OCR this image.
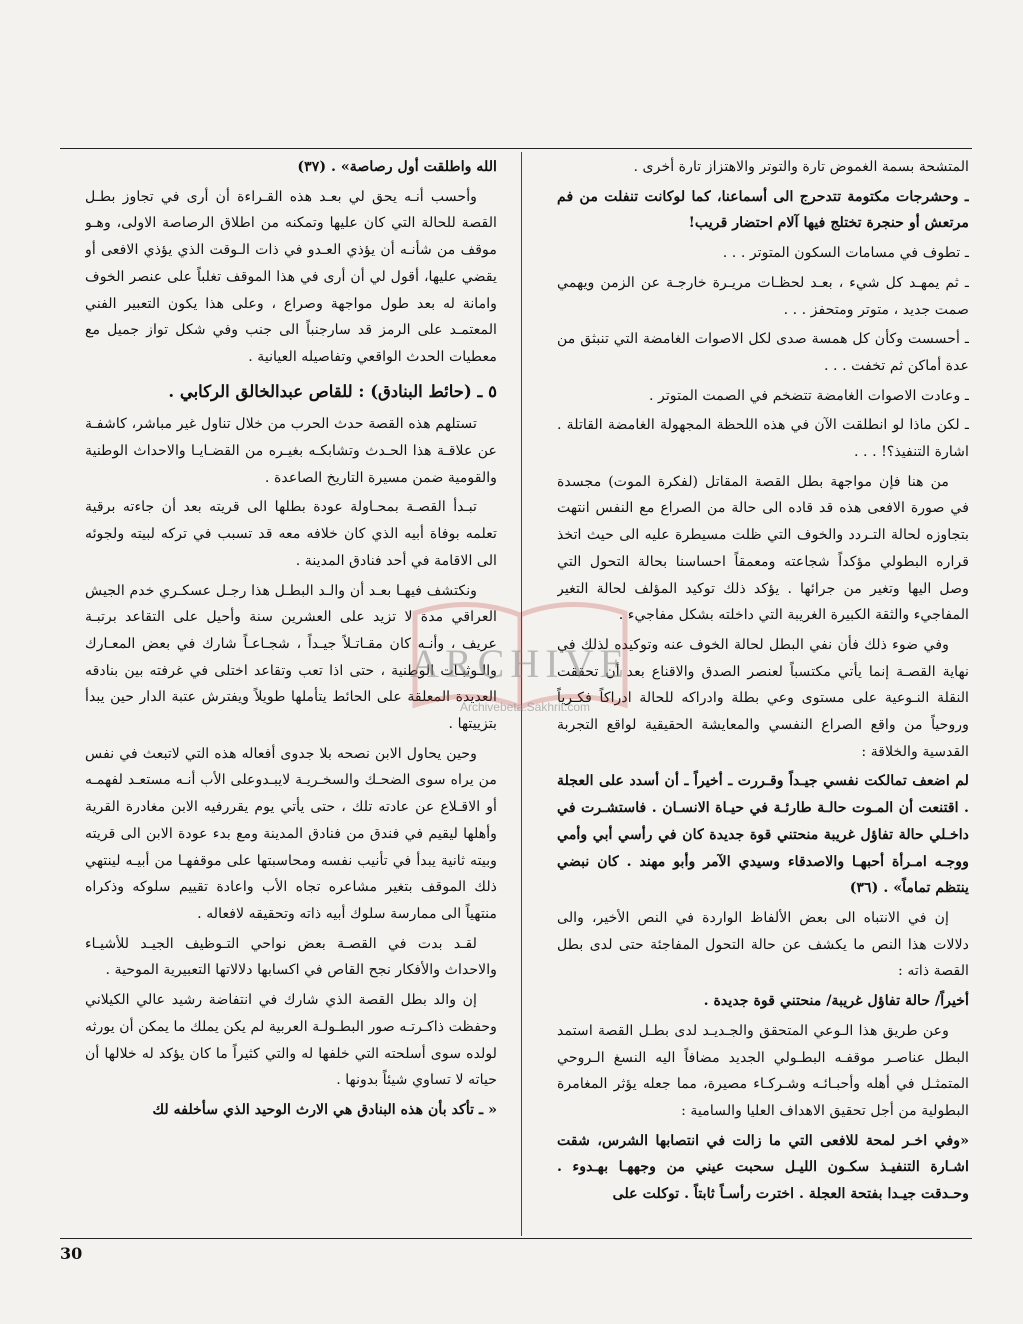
المتشحة بسمة الغموض تارة والتوتر والاهتزاز تارة أخرى .

ـ وحشرجات مكتومة تتدحرج الى أسماعنا، كما لوكانت تنفلت من فم مرتعش أو حنجرة تختلج فيها آلام احتضار قريب!

ـ تطوف في مسامات السكون المتوتر . . .

ـ ثم يمهـد كل شيء ، بعـد لحظـات مريـرة خارجـة عن الزمن ويهمي صمت جديد ، متوتر ومتحفز . . .

ـ أحسست وكأن كل همسة صدى لكل الاصوات الغامضة التي تنبثق من عدة أماكن ثم تخفت . . .

ـ وعادت الاصوات الغامضة تتضخم في الصمت المتوتر .

ـ لكن ماذا لو انطلقت الآن في هذه اللحظة المجهولة الغامضة القاتلة . اشارة التنفيذ؟! . . .

من هنا فإن مواجهة بطل القصة المقاتل (لفكرة الموت) مجسدة في صورة الافعى هذه قد قاده الى حالة من الصراع مع النفس انتهت بتجاوزه لحالة التـردد والخوف التي ظلت مسيطرة عليه الى حيث اتخذ قراره البطولي مؤكداً شجاعته ومعمقاً احساسنا بحالة التحول التي وصل اليها وتغير من جرائها . يؤكد ذلك توكيد المؤلف لحالة التغير المفاجيء والثقة الكبيرة الغريبة التي داخلته بشكل مفاجيء .

وفي ضوء ذلك فأن نفي البطل لحالة الخوف عنه وتوكيده لذلك في نهاية القصـة إنما يأتي مكتسباً لعنصر الصدق والاقناع بعد أن تحققت النقلة النـوعية على مستوى وعي بطلة وادراكه للحالة ادراكاً فكـرياً وروحياً من واقع الصراع النفسي والمعايشة الحقيقية لواقع التجربة القدسية والخلاقة :

لم اضعف تمالكت نفسي جيـداً وقـررت ـ أخيراً ـ أن أسدد على العجلة . اقتنعت أن المـوت حالـة طارئـة في حيـاة الانسـان . فاستشـرت في داخـلي حالة تفاؤل غريبة منحتني قوة جديدة كان في رأسي أبي وأمي ووجـه امـرأة أحبهـا والاصدقاء وسيدي الآمر وأبو مهند . كان نبضي ينتظم تماماً» . (٣٦)

إن في الانتباه الى بعض الألفاظ الواردة في النص الأخير، والى دلالات هذا النص ما يكشف عن حالة التحول المفاجئة حتى لدى بطل القصة ذاته :

أخيراً/ حالة تفاؤل غريبة/ منحتني قوة جديدة .

وعن طريق هذا الـوعي المتحقق والجـديـد لدى بطـل القصة استمد البطل عناصـر موقفـه البطـولي الجديد مضافاً اليه النسغ الـروحي المتمثـل في أهله وأحبـائـه وشـركـاء مصيرة، مما جعله يؤثر المغامرة البطولية من أجل تحقيق الاهداف العليا والسامية :

«وفي اخـر لمحة للافعى التي ما زالت في انتصابها الشرس، شقت اشـارة التنفيـذ سكـون الليـل سحبت عيني من وجههـا بهـدوء . وحـدقت جيـدا بفتحة العجلة . اخترت رأسـاً ثابتاً . توكلت على

الله واطلقت أول رصاصة» . (٣٧)

وأحسب أنـه يحق لي بعـد هذه القـراءة أن أرى في تجاوز بطـل القصة للحالة التي كان عليها وتمكنه من اطلاق الرصاصة الاولى، وهـو موقف من شأنـه أن يؤذي العـدو في ذات الـوقت الذي يؤذي الافعى أو يقضي عليها، أقول لي أن أرى في هذا الموقف تغلباً على عنصر الخوف وامانة له بعد طول مواجهة وصراع ، وعلى هذا يكون التعبير الفني المعتمـد على الرمز قد سارجنباً الى جنب وفي شكل تواز جميل مع معطيات الحدث الواقعي وتفاصيله العيانية .

٥ ـ (حائط البنادق) : للقاص عبدالخالق الركابي .

تستلهم هذه القصة حدث الحرب من خلال تناول غير مباشر، كاشفـة عن علاقـة هذا الحـدث وتشابكـه بغيـره من القضـايـا والاحداث الوطنية والقومية ضمن مسيرة التاريخ الصاعدة .

تبـدأ القصـة بمحـاولة عودة بطلها الى قريته بعد أن جاءته برقية تعلمه بوفاة أبيه الذي كان خلافه معه قد تسبب في تركه لبيته ولجوئه الى الاقامة في أحد فنادق المدينة .

ونكتشف فيهـا بعـد أن والـد البطـل هذا رجـل عسكـري خدم الجيش العراقي مدة لا تزيد على العشرين سنة وأحيل على التقاعد برتبـة عريف ، وأنـه كان مقـاتـلاً جيـداً ، شجـاعـاً شارك في بعض المعـارك والـوثبـات الوطنية ، حتى اذا تعب وتقاعد اختلى في غرفته بين بنادقه العديدة المعلقة على الحائط يتأملها طويلاً ويفترش عتبة الدار حين يبدأ بتزييتها .

وحين يحاول الابن نصحه بلا جدوى أفعاله هذه التي لاتبعث في نفس من يراه سوى الضحـك والسخـريـة لايبـدوعلى الأب أنـه مستعـد لفهمـه أو الاقـلاع عن عادته تلك ، حتى يأتي يوم يقررفيه الابن مغادرة القرية وأهلها ليقيم في فندق من فنادق المدينة ومع بدء عودة الابن الى قريته وبيته ثانية يبدأ في تأنيب نفسه ومحاسبتها على موقفهـا من أبيـه لينتهي ذلك الموقف بتغير مشاعره تجاه الأب واعادة تقييم سلوكه وذكراه منتهياً الى ممارسة سلوك أبيه ذاته وتحقيقه لافعاله .

لقـد بدت في القصـة بعض نواحي التـوظيف الجيـد للأشيـاء والاحداث والأفكار نجح القاص في اكسابها دلالاتها التعبيرية الموحية .

إن والد بطل القصة الذي شارك في انتفاضة رشيد عالي الكيلاني وحفظت ذاكـرتـه صور البطـولـة العربية لم يكن يملك ما يمكن أن يورثه لولده سوى أسلحته التي خلفها له والتي كثيراً ما كان يؤكد له خلالها أن حياته لا تساوي شيئاً بدونها .

« ـ تأكد بأن هذه البنادق هي الارث الوحيد الذي سأخلفه لك

ARCHIVE
Archivebeta.Sakhrit.com
30
